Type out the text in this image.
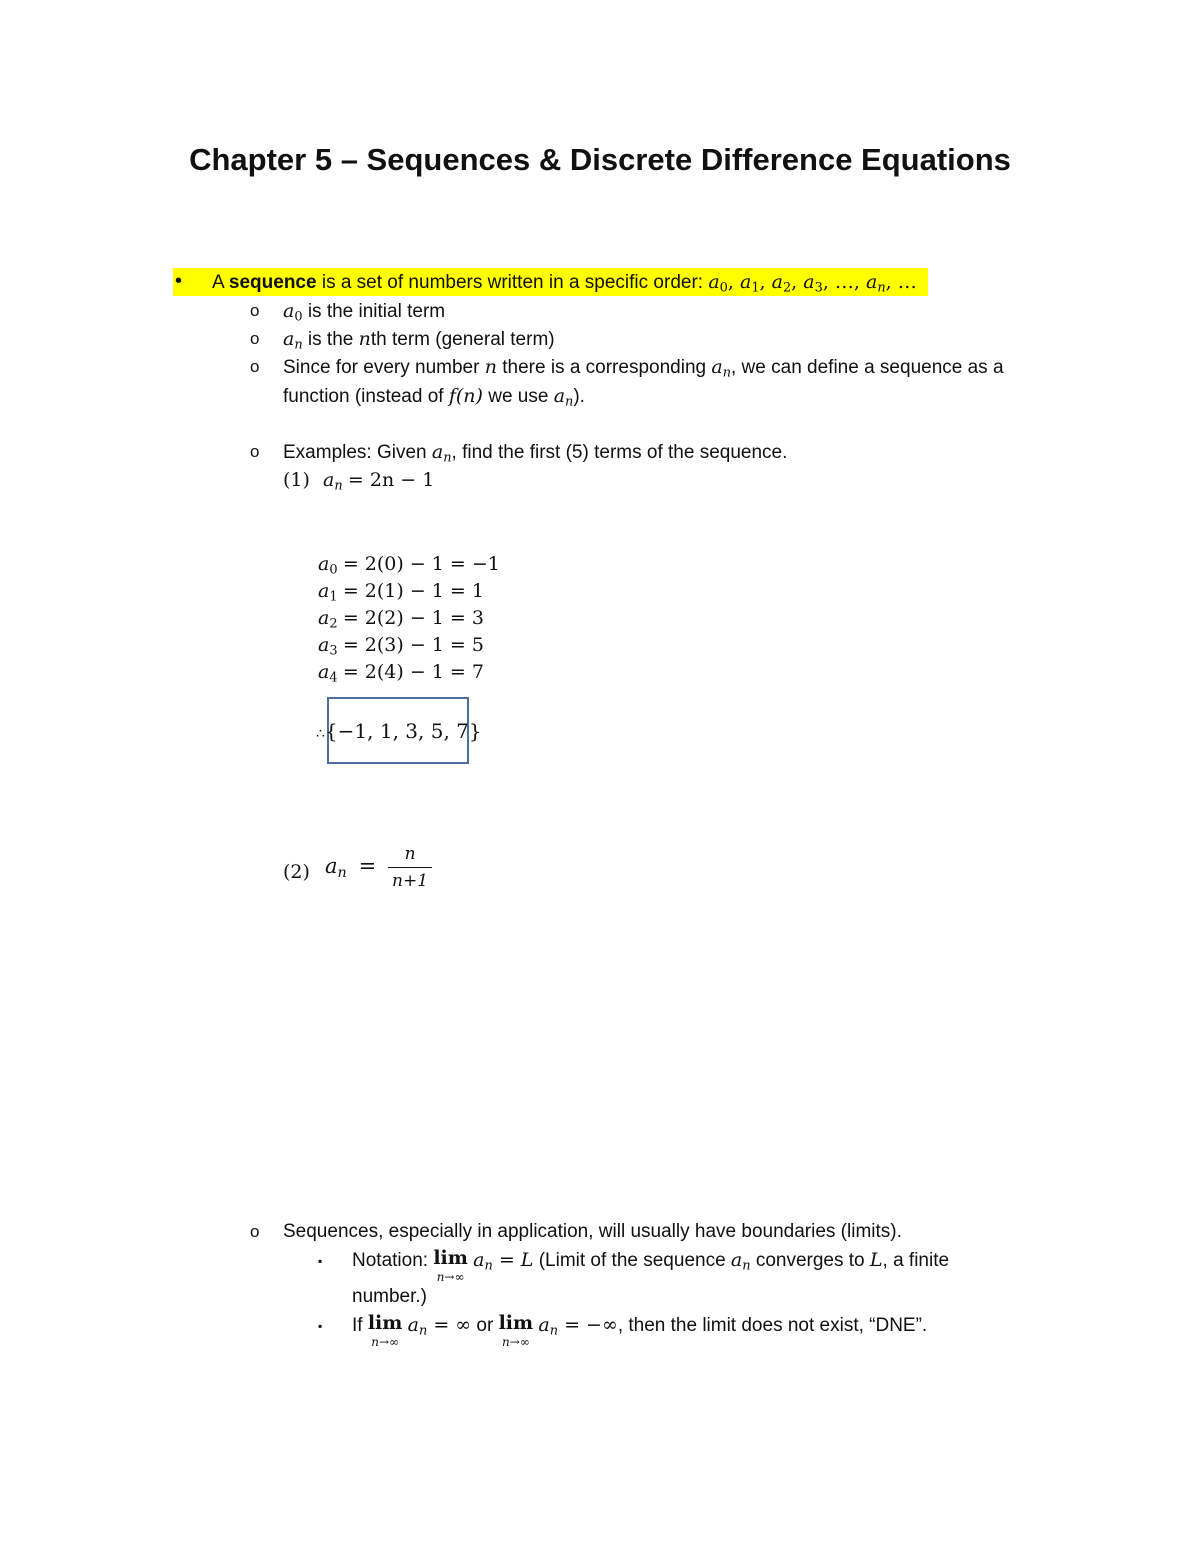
Chapter 5 – Sequences & Discrete Difference Equations
• A sequence is a set of numbers written in a specific order: $a_0$, $a_1$, $a_2$, $a_3$, …, $a_n$, …
o $a_0$ is the initial term
o $a_n$ is the nth term (general term)
o Since for every number n there is a corresponding $a_n$, we can define a sequence as a
function (instead of f(n) we use $a_n$).
o Examples: Given $a_n$, find the first (5) terms of the sequence.
(1) $a_n = 2n - 1$
$a_0 = 2(0) - 1 = -1$
$a_1 = 2(1) - 1 = 1$
$a_2 = 2(2) - 1 = 3$
$a_3 = 2(3) - 1 = 5$
$a_4 = 2(4) - 1 = 7$
∴{−1, 1, 3, 5, 7}
(2) $a_n = \frac{n}{n+1}$
o Sequences, especially in application, will usually have boundaries (limits).
▪ Notation: lim
n→∞
$a_n = L$ (Limit of the sequence $a_n$ converges to L, a finite
number.)
▪ If lim
n→∞
$a_n$ = ∞ or lim
n→∞
$a_n$ = −∞, then the limit does not exist, “DNE”.
